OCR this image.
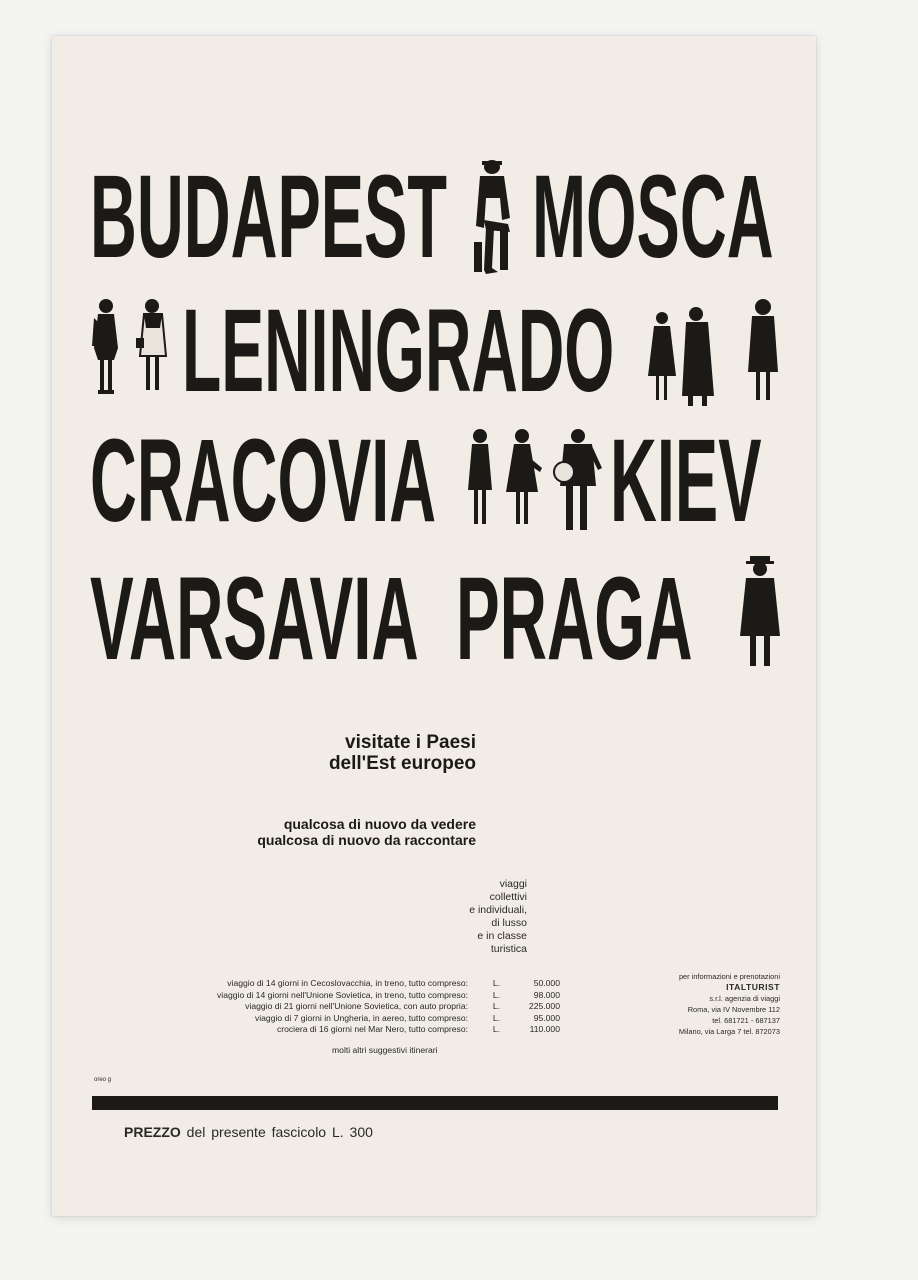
BUDAPEST MOSCA
LENINGRADO
CRACOVIA KIEV
VARSAVIA PRAGA
visitate i Paesi
dell'Est europeo
qualcosa di nuovo da vedere
qualcosa di nuovo da raccontare
viaggi
collettivi
e individuali,
di lusso
e in classe
turistica
viaggio di 14 giorni in Cecoslovacchia, in treno, tutto compreso:	L.	50.000
viaggio di 14 giorni nell'Unione Sovietica, in treno, tutto compreso:	L.	98.000
viaggio di 21 giorni nell'Unione Sovietica, con auto propria:	L.	225.000
viaggio di 7 giorni in Ungheria, in aereo, tutto compreso:	L.	95.000
crociera di 16 giorni nel Mar Nero, tutto compreso:	L.	110.000
molti altri suggestivi itinerari
per informazioni e prenotazioni
ITALTURIST
s.r.l. agenzia di viaggi
Roma, via IV Novembre 112
tel. 681721 - 687137
Milano, via Larga 7 tel. 872073
oreo g
PREZZO del presente fascicolo L. 300
